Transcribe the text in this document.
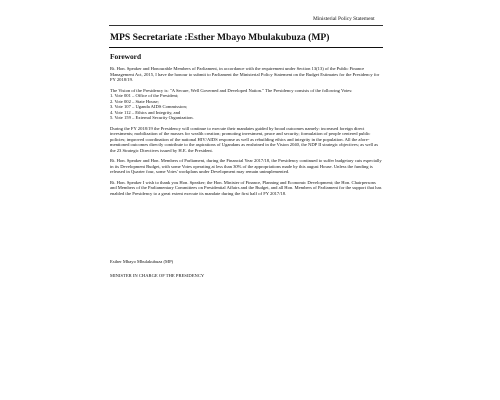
Ministerial Policy Statement
MPS Secretariate :Esther Mbayo Mbulakubuza (MP)
Foreword

Rt. Hon. Speaker and Honourable Members of Parliament, in accordance with the requirement under Section 13(13) of the Public Finance Management Act, 2015, I have the honour to submit to Parliament the Ministerial Policy Statement on the Budget Estimates for the Presidency for FY 2018/19.

The Vision of the Presidency is: "A Secure, Well Governed and Developed Nation." The Presidency consists of the following Votes:

1. Vote 001 – Office of the President;
2. Vote 002 – State House;
3. Vote 107 – Uganda AIDS Commission;
4. Vote 112 – Ethics and Integrity, and
5. Vote 159 – External Security Organization.

During the FY 2018/19 the Presidency will continue to execute their mandates guided by broad outcomes namely: increased foreign direct investments; mobilization of the masses for wealth creation; promoting investment, peace and security; formulation of people centered public policies; improved coordination of the national HIV/AIDS response as well as rebuilding ethics and integrity in the population. All the afore-mentioned outcomes directly contribute to the aspirations of Ugandans as enshrined in the Vision 2040, the NDP II strategic objectives; as well as the 23 Strategic Directives issued by H.E. the President.

Rt. Hon. Speaker and Hon. Members of Parliament, during the Financial Year 2017/18, the Presidency continued to suffer budgetary cuts especially in its Development Budget, with some Votes operating at less than 30% of the appropriations made by this august House. Unless the funding is released in Quarter four, some Votes' workplans under Development may remain unimplemented.

Rt. Hon. Speaker I wish to thank you Hon. Speaker; the Hon. Minister of Finance, Planning and Economic Development; the Hon. Chairpersons and Members of the Parliamentary Committees on Presidential Affairs and the Budget, and all Hon. Members of Parliament for the support that has enabled the Presidency to a great extent execute its mandate during the first half of FY 2017/18.

Esther Mbayo Mbulakubuza (MP)
MINISTER IN CHARGE OF THE PRESIDENCY
